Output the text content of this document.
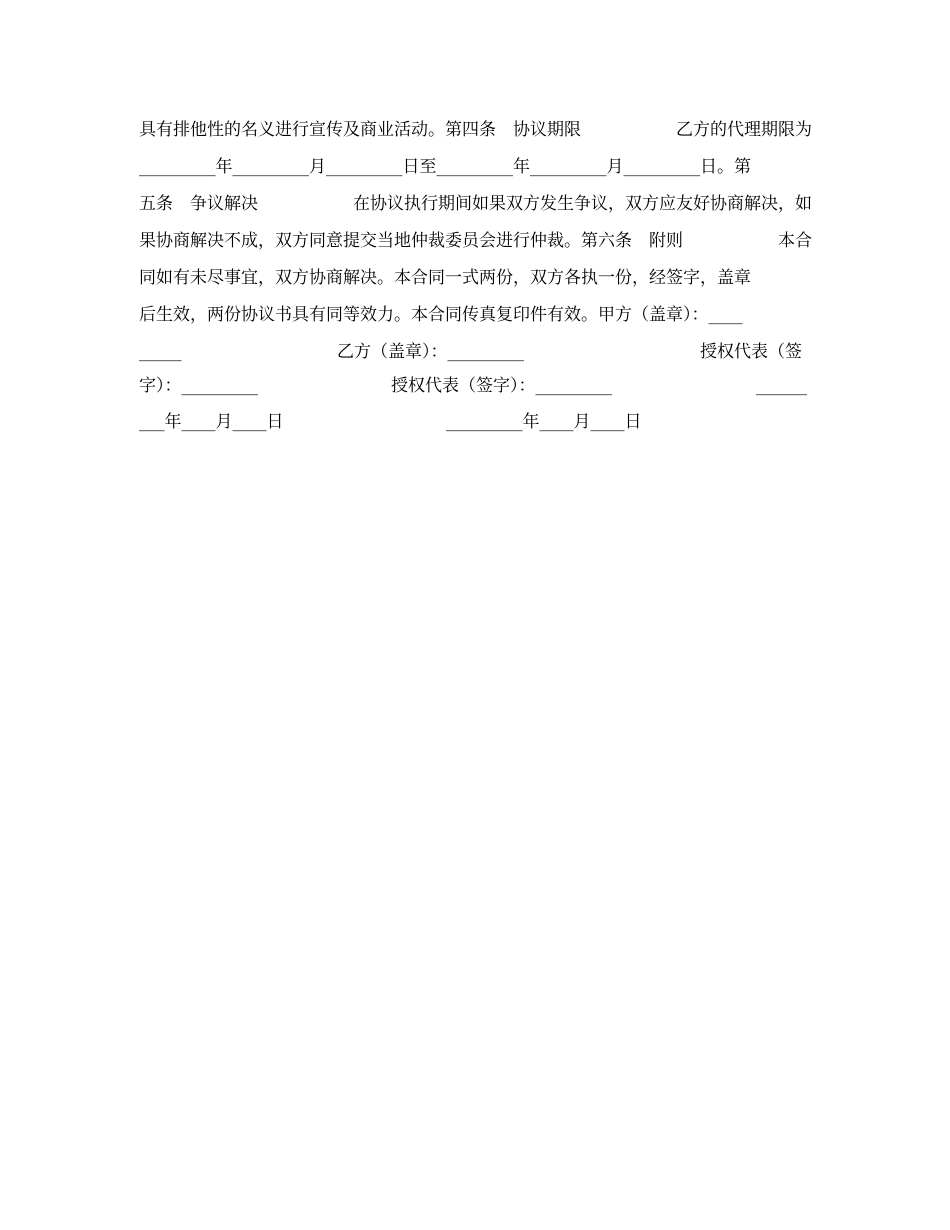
具有排他性的名义进行宣传及商业活动。第四条　协议期限	乙方的代理期限为
_________年_________月_________日至_________年_________月_________日。第
五条　争议解决	在协议执行期间如果双方发生争议，双方应友好协商解决，如
果协商解决不成，双方同意提交当地仲裁委员会进行仲裁。第六条　附则	本合
同如有未尽事宜，双方协商解决。本合同一式两份，双方各执一份，经签字，盖章
后生效，两份协议书具有同等效力。本合同传真复印件有效。甲方（盖章）：____
_____	乙方（盖章）：_________	授权代表（签
字）：_________	授权代表（签字）：_________	______
___年____月____日	_________年____月____日
